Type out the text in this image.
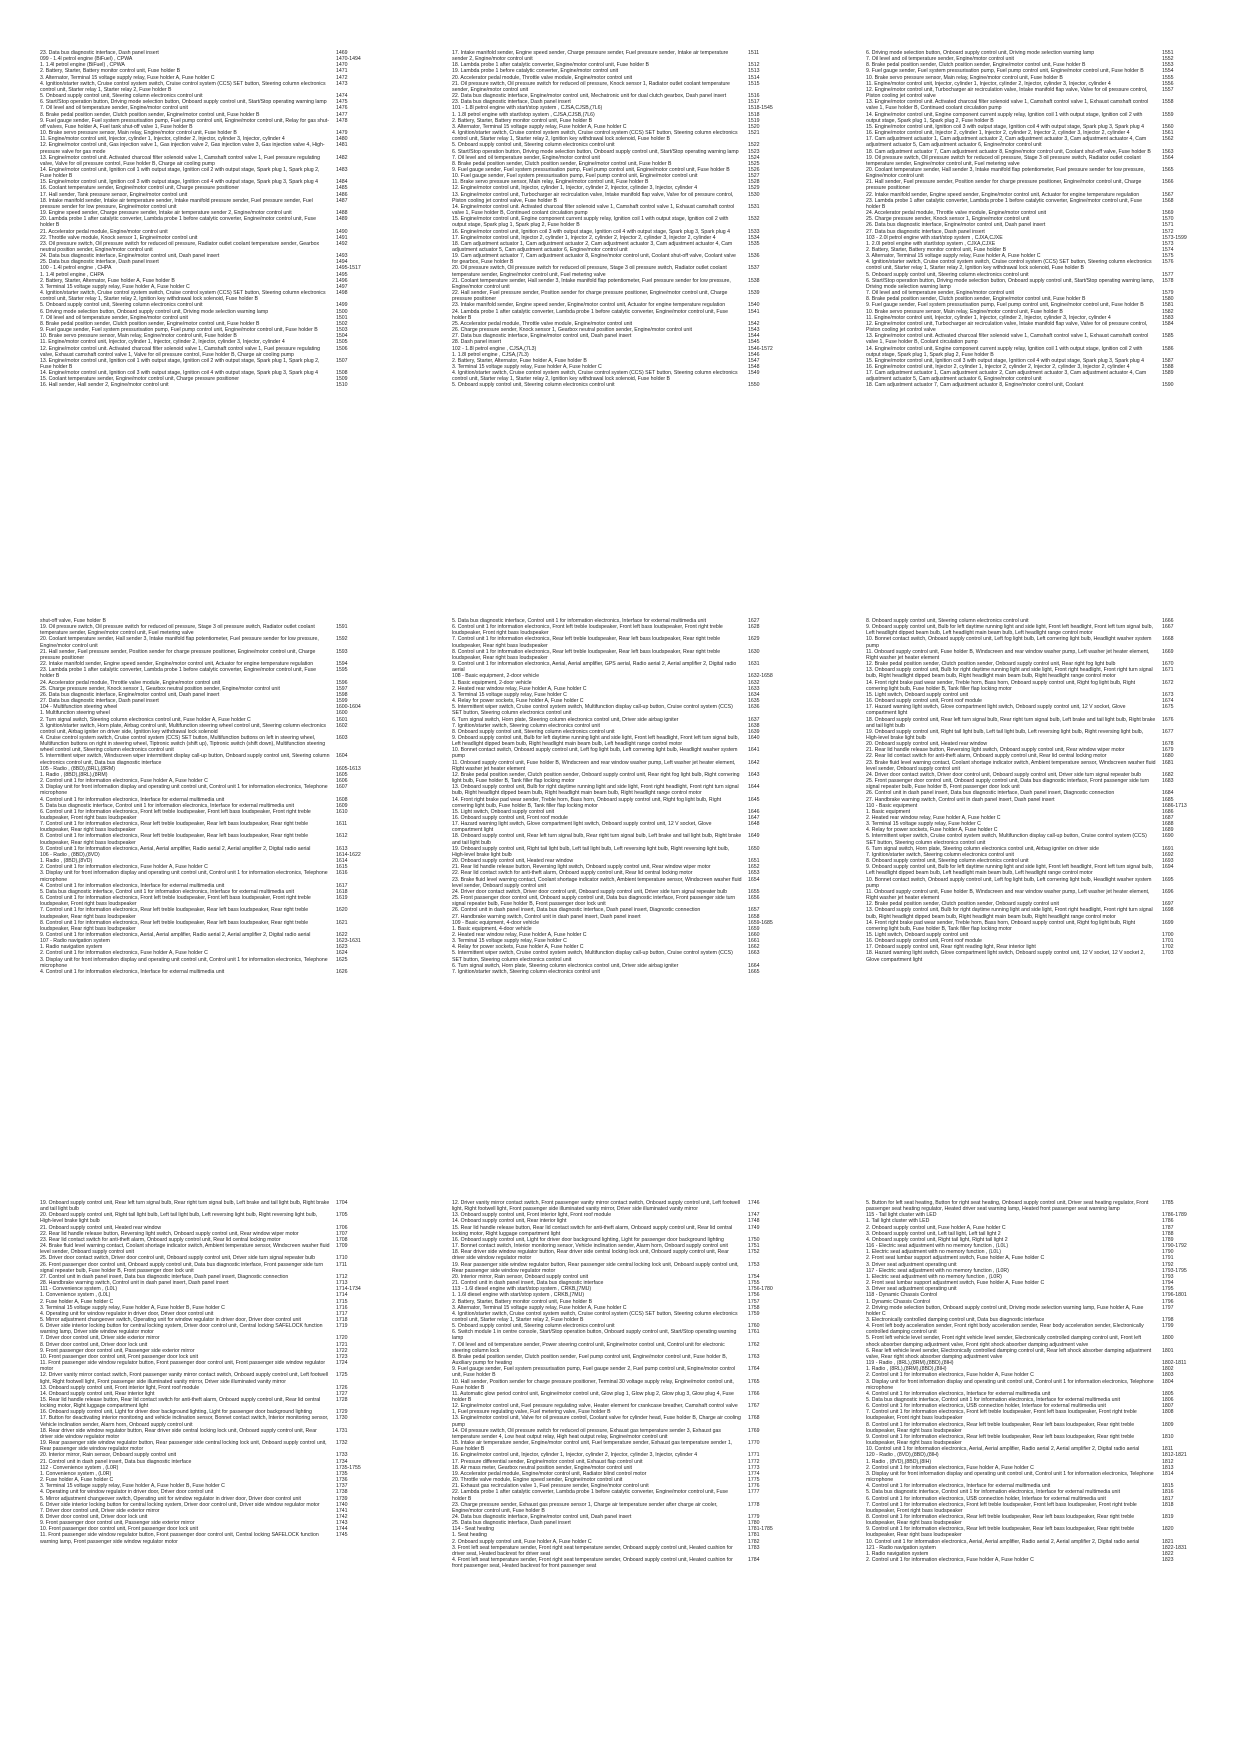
23. Data bus diagnostic interface, Dash panel insert	1469
099 - 1.4l petrol engine (BiFuel) , CPWA	1470-1494
1. 1.4l petrol engine (BiFuel) , CPWA	1470
2. Battery, Starter, Battery monitor control unit, Fuse holder B	1471
3. Alternator, Terminal 15 voltage supply relay, Fuse holder A, Fuse holder C	1472
4. Ignition/starter switch, Cruise control system switch, Cruise control system (CCS) SET button, Steering column electronics control unit, Starter relay 1, Starter relay 2, Fuse holder B
1473
5. Onboard supply control unit, Steering column electronics control unit	1474
6. Start/Stop operation button, Driving mode selection button, Onboard supply control unit, Start/Stop operating warning lamp	1475
7. Oil level and oil temperature sender, Engine/motor control unit	1476
8. Brake pedal position sender, Clutch position sender, Engine/motor control unit, Fuse holder B	1477
9. Fuel gauge sender, Fuel system pressurisation pump, Fuel pump control unit, Engine/motor control unit, Relay for gas shut-off valves, Fuse holder A, Fuel tank shut-off valve 1, Fuse holder B
1478
10. Brake servo pressure sensor, Main relay, Engine/motor control unit, Fuse holder B	1479
11. Engine/motor control unit, Injector, cylinder 1, Injector, cylinder 2, Injector, cylinder 3, Injector, cylinder 4	1480
12. Engine/motor control unit, Gas injection valve 1, Gas injection valve 2, Gas injection valve 3, Gas injection valve 4, High-pressure valve for gas mode
1481
13. Engine/motor control unit. Activated charcoal filter solenoid valve 1, Camshaft control valve 1, Fuel pressure regulating valve, Valve for oil pressure control, Fuse holder B, Charge air cooling pump
1482
14. Engine/motor control unit, Ignition coil 1 with output stage, Ignition coil 2 with output stage, Spark plug 1, Spark plug 2, Fuse holder B
1483
15. Engine/motor control unit, Ignition coil 3 with output stage, Ignition coil 4 with output stage, Spark plug 3, Spark plug 4	1484
16. Coolant temperature sender, Engine/motor control unit, Charge pressure positioner	1485
17. Hall sender, Tank pressure sensor, Engine/motor control unit	1486
18. Intake manifold sender, Intake air temperature sender, Intake manifold pressure sender, Fuel pressure sender, Fuel pressure sender for low pressure, Engine/motor control unit
1487
19. Engine speed sender, Charge pressure sender, Intake air temperature sender 2, Engine/motor control unit	1488
20. Lambda probe 1 after catalytic converter, Lambda probe 1 before catalytic converter, Engine/motor control unit, Fuse holder B
1489
21. Accelerator pedal module, Engine/motor control unit	1490
22. Throttle valve module, Knock sensor 1, Engine/motor control unit	1491
23. Oil pressure switch, Oil pressure switch for reduced oil pressure, Radiator outlet coolant temperature sender, Gearbox neutral position sender, Engine/motor control unit
1492
24. Data bus diagnostic interface, Engine/motor control unit, Dash panel insert	1493
25. Data bus diagnostic interface, Dash panel insert	1494
100 - 1.4l petrol engine , CHPA	1495-1517
1. 1.4l petrol engine , CHPA	1495
2. Battery, Starter, Alternator, Fuse holder A, Fuse holder B	1496
3. Terminal 15 voltage supply relay, Fuse holder A, Fuse holder C	1497
4. Ignition/starter switch, Cruise control system switch, Cruise control system (CCS) SET button, Steering column electronics control unit, Starter relay 1, Starter relay 2, Ignition key withdrawal lock solenoid, Fuse holder B
1498
5. Onboard supply control unit, Steering column electronics control unit	1499
6. Driving mode selection button, Onboard supply control unit, Driving mode selection warning lamp	1500
7. Oil level and oil temperature sender, Engine/motor control unit	1501
8. Brake pedal position sender, Clutch position sender, Engine/motor control unit, Fuse holder B	1502
9. Fuel gauge sender, Fuel system pressurisation pump, Fuel pump control unit, Engine/motor control unit, Fuse holder B	1503
10. Brake servo pressure sensor, Main relay, Engine/motor control unit, Fuse holder B	1504
11. Engine/motor control unit, Injector, cylinder 1, Injector, cylinder 2, Injector, cylinder 3, Injector, cylinder 4	1505
12. Engine/motor control unit. Activated charcoal filter solenoid valve 1, Camshaft control valve 1, Fuel pressure regulating valve, Exhaust camshaft control valve 1, Valve for oil pressure control, Fuse holder B, Charge air cooling pump
1506
13. Engine/motor control unit, Ignition coil 1 with output stage, Ignition coil 2 with output stage, Spark plug 1, Spark plug 2, Fuse holder B
1507
14. Engine/motor control unit, Ignition coil 3 with output stage, Ignition coil 4 with output stage, Spark plug 3, Spark plug 4	1508
15. Coolant temperature sender, Engine/motor control unit, Charge pressure positioner	1509
16. Hall sender, Hall sender 2, Engine/motor control unit	1510
17. Intake manifold sender, Engine speed sender, Charge pressure sender, Fuel pressure sender, Intake air temperature sender 2, Engine/motor control unit
1511
18. Lambda probe 1 after catalytic converter, Engine/motor control unit, Fuse holder B	1512
19. Lambda probe 1 before catalytic converter, Engine/motor control unit	1513
20. Accelerator pedal module, Throttle valve module, Engine/motor control unit	1514
21. Oil pressure switch, Oil pressure switch for reduced oil pressure, Knock sensor 1, Radiator outlet coolant temperature sender, Engine/motor control unit
1515
22. Data bus diagnostic interface, Engine/motor control unit, Mechatronic unit for dual clutch gearbox, Dash panel insert	1516
23. Data bus diagnostic interface, Dash panel insert	1517
101 - 1.8l petrol engine with start/stop system , CJSA,CJSB,(7L6)	1518-1545
1. 1.8l petrol engine with start/stop system , CJSA,CJSB,(7L6)	1518
2. Battery, Starter, Battery monitor control unit, Fuse holder B	1519
3. Alternator, Terminal 15 voltage supply relay, Fuse holder A, Fuse holder C	1520
4. Ignition/starter switch, Cruise control system switch, Cruise control system (CCS) SET button, Steering column electronics control unit, Starter relay 1, Starter relay 2, Ignition key withdrawal lock solenoid, Fuse holder B
1521
5. Onboard supply control unit, Steering column electronics control unit	1522
6. Start/Stop operation button, Driving mode selection button, Onboard supply control unit, Start/Stop operating warning lamp	1523
7. Oil level and oil temperature sender, Engine/motor control unit	1524
8. Brake pedal position sender, Clutch position sender, Engine/motor control unit, Fuse holder B	1525
9. Fuel gauge sender, Fuel system pressurisation pump, Fuel pump control unit, Engine/motor control unit, Fuse holder B	1526
10. Fuel gauge sender, Fuel system pressurisation pump, Fuel pump control unit, Engine/motor control unit	1527
11. Brake servo pressure sensor, Main relay, Engine/motor control unit, Fuse holder B	1528
12. Engine/motor control unit, Injector, cylinder 1, Injector, cylinder 2, Injector, cylinder 3, Injector, cylinder 4	1529
13. Engine/motor control unit, Turbocharger air recirculation valve, Intake manifold flap valve, Valve for oil pressure control, Piston cooling jet control valve, Fuse holder B
1530
14. Engine/motor control unit. Activated charcoal filter solenoid valve 1, Camshaft control valve 1, Exhaust camshaft control valve 1, Fuse holder B, Continued coolant circulation pump
1531
15. Engine/motor control unit, Engine component current supply relay, Ignition coil 1 with output stage, Ignition coil 2 with output stage, Spark plug 1, Spark plug 2, Fuse holder B
1532
16. Engine/motor control unit, Ignition coil 3 with output stage, Ignition coil 4 with output stage, Spark plug 3, Spark plug 4	1533
17. Engine/motor control unit, Injector 2, cylinder 1, Injector 2, cylinder 2, Injector 2, cylinder 3, Injector 2, cylinder 4	1534
18. Cam adjustment actuator 1, Cam adjustment actuator 2, Cam adjustment actuator 3, Cam adjustment actuator 4, Cam adjustment actuator 5, Cam adjustment actuator 6, Engine/motor control unit
1535
19. Cam adjustment actuator 7, Cam adjustment actuator 8, Engine/motor control unit, Coolant shut-off valve, Coolant valve for gearbox, Fuse holder B
1536
20. Oil pressure switch, Oil pressure switch for reduced oil pressure, Stage 3 oil pressure switch, Radiator outlet coolant temperature sender, Engine/motor control unit, Fuel metering valve
1537
21. Coolant temperature sender, Hall sender 3, Intake manifold flap potentiometer, Fuel pressure sender for low pressure, Engine/motor control unit
1538
22. Hall sender, Fuel pressure sender, Position sender for charge pressure positioner, Engine/motor control unit, Charge pressure positioner
1539
23. Intake manifold sender, Engine speed sender, Engine/motor control unit, Actuator for engine temperature regulation	1540
24. Lambda probe 1 after catalytic converter, Lambda probe 1 before catalytic converter, Engine/motor control unit, Fuse holder B
1541
25. Accelerator pedal module, Throttle valve module, Engine/motor control unit	1542
26. Charge pressure sender, Knock sensor 1, Gearbox neutral position sender, Engine/motor control unit	1543
27. Data bus diagnostic interface, Engine/motor control unit, Dash panel insert	1544
28. Dash panel insert	1545
102 - 1.8l petrol engine , CJSA,(7L3)	1546-1572
1. 1.8l petrol engine , CJSA,(7L3)	1546
2. Battery, Starter, Alternator, Fuse holder A, Fuse holder B	1547
3. Terminal 15 voltage supply relay, Fuse holder A, Fuse holder C	1548
4. Ignition/starter switch, Cruise control system switch, Cruise control system (CCS) SET button, Steering column electronics control unit, Starter relay 1, Starter relay 2, Ignition key withdrawal lock solenoid, Fuse holder B
1549
5. Onboard supply control unit, Steering column electronics control unit	1550
6. Driving mode selection button, Onboard supply control unit, Driving mode selection warning lamp	1551
7. Oil level and oil temperature sender, Engine/motor control unit	1552
8. Brake pedal position sender, Clutch position sender, Engine/motor control unit, Fuse holder B	1553
9. Fuel gauge sender, Fuel system pressurisation pump, Fuel pump control unit, Engine/motor control unit, Fuse holder B	1554
10. Brake servo pressure sensor, Main relay, Engine/motor control unit, Fuse holder B	1555
11. Engine/motor control unit, Injector, cylinder 1, Injector, cylinder 2, Injector, cylinder 3, Injector, cylinder 4	1556
12. Engine/motor control unit, Turbocharger air recirculation valve, Intake manifold flap valve, Valve for oil pressure control, Piston cooling jet control valve
1557
13. Engine/motor control unit. Activated charcoal filter solenoid valve 1, Camshaft control valve 1, Exhaust camshaft control valve 1, Fuse holder B, Continued coolant circulation pump
1558
14. Engine/motor control unit, Engine component current supply relay, Ignition coil 1 with output stage, Ignition coil 2 with output stage, Spark plug 1, Spark plug 2, Fuse holder B
1559
15. Engine/motor control unit, Ignition coil 3 with output stage, Ignition coil 4 with output stage, Spark plug 3, Spark plug 4	1560
16. Engine/motor control unit, Injector 2, cylinder 1, Injector 2, cylinder 2, Injector 2, cylinder 3, Injector 2, cylinder 4	1561
17. Cam adjustment actuator 1, Cam adjustment actuator 2, Cam adjustment actuator 3, Cam adjustment actuator 4, Cam adjustment actuator 5, Cam adjustment actuator 6, Engine/motor control unit
1562
18. Cam adjustment actuator 7, Cam adjustment actuator 8, Engine/motor control unit, Coolant shut-off valve, Fuse holder B	1563
19. Oil pressure switch, Oil pressure switch for reduced oil pressure, Stage 3 oil pressure switch, Radiator outlet coolant temperature sender, Engine/motor control unit, Fuel metering valve
1564
20. Coolant temperature sender, Hall sender 3, Intake manifold flap potentiometer, Fuel pressure sender for low pressure, Engine/motor control unit
1565
21. Hall sender, Fuel pressure sender, Position sender for charge pressure positioner, Engine/motor control unit, Charge pressure positioner
1566
22. Intake manifold sender, Engine speed sender, Engine/motor control unit, Actuator for engine temperature regulation	1567
23. Lambda probe 1 after catalytic converter, Lambda probe 1 before catalytic converter, Engine/motor control unit, Fuse holder B
1568
24. Accelerator pedal module, Throttle valve module, Engine/motor control unit	1569
25. Charge pressure sender, Knock sensor 1, Engine/motor control unit	1570
26. Data bus diagnostic interface, Engine/motor control unit, Dash panel insert	1571
27. Data bus diagnostic interface, Dash panel insert	1572
103 - 2.0l petrol engine with start/stop system , CJXA,CJXE	1573-1599
1. 2.0l petrol engine with start/stop system , CJXA,CJXE	1573
2. Battery, Starter, Battery monitor control unit, Fuse holder B	1574
3. Alternator, Terminal 15 voltage supply relay, Fuse holder A, Fuse holder C	1575
4. Ignition/starter switch, Cruise control system switch, Cruise control system (CCS) SET button, Steering column electronics control unit, Starter relay 1, Starter relay 2, Ignition key withdrawal lock solenoid, Fuse holder B
1576
5. Onboard supply control unit, Steering column electronics control unit	1577
6. Start/Stop operation button, Driving mode selection button, Onboard supply control unit, Start/Stop operating warning lamp, Driving mode selection warning lamp
1578
7. Oil level and oil temperature sender, Engine/motor control unit	1579
8. Brake pedal position sender, Clutch position sender, Engine/motor control unit, Fuse holder B	1580
9. Fuel gauge sender, Fuel system pressurisation pump, Fuel pump control unit, Engine/motor control unit, Fuse holder B	1581
10. Brake servo pressure sensor, Main relay, Engine/motor control unit, Fuse holder B	1582
11. Engine/motor control unit, Injector, cylinder 1, Injector, cylinder 2, Injector, cylinder 3, Injector, cylinder 4	1583
12. Engine/motor control unit, Turbocharger air recirculation valve, Intake manifold flap valve, Valve for oil pressure control, Piston cooling jet control valve
1584
13. Engine/motor control unit. Activated charcoal filter solenoid valve 1, Camshaft control valve 1, Exhaust camshaft control valve 1, Fuse holder B, Coolant circulation pump
1585
14. Engine/motor control unit, Engine component current supply relay, Ignition coil 1 with output stage, Ignition coil 2 with output stage, Spark plug 1, Spark plug 2, Fuse holder B
1586
15. Engine/motor control unit, Ignition coil 3 with output stage, Ignition coil 4 with output stage, Spark plug 3, Spark plug 4	1587
16. Engine/motor control unit, Injector 2, cylinder 1, Injector 2, cylinder 2, Injector 2, cylinder 3, Injector 2, cylinder 4	1588
17. Cam adjustment actuator 1, Cam adjustment actuator 2, Cam adjustment actuator 3, Cam adjustment actuator 4, Cam adjustment actuator 5, Cam adjustment actuator 6, Engine/motor control unit
1589
18. Cam adjustment actuator 7, Cam adjustment actuator 8, Engine/motor control unit, Coolant	1590
shut-off valve, Fuse holder B
19. Oil pressure switch, Oil pressure switch for reduced oil pressure, Stage 3 oil pressure switch, Radiator outlet coolant temperature sender, Engine/motor control unit, Fuel metering valve
1591
20. Coolant temperature sender, Hall sender 3, Intake manifold flap potentiometer, Fuel pressure sender for low pressure, Engine/motor control unit
1592
21. Hall sender, Fuel pressure sender, Position sender for charge pressure positioner, Engine/motor control unit, Charge pressure positioner
1593
22. Intake manifold sender, Engine speed sender, Engine/motor control unit, Actuator for engine temperature regulation	1594
23. Lambda probe 1 after catalytic converter, Lambda probe 1 before catalytic converter, Engine/motor control unit, Fuse holder B
1595
24. Accelerator pedal module, Throttle valve module, Engine/motor control unit	1596
25. Charge pressure sender, Knock sensor 1, Gearbox neutral position sender, Engine/motor control unit	1597
26. Data bus diagnostic interface, Engine/motor control unit, Dash panel insert	1598
27. Data bus diagnostic interface, Dash panel insert	1599
104 - Multifunction steering wheel	1600-1604
1. Multifunction steering wheel	1600
2. Turn signal switch, Steering column electronics control unit, Fuse holder A, Fuse holder C	1601
3. Ignition/starter switch, Horn plate, Airbag control unit, Multifunction steering wheel control unit, Steering column electronics control unit, Airbag igniter on driver side, Ignition key withdrawal lock solenoid
1602
4. Cruise control system switch, Cruise control system (CCS) SET button, Multifunction buttons on left in steering wheel, Multifunction buttons on right in steering wheel, Tiptronic switch (shift up), Tiptronic switch (shift down), Multifunction steering wheel control unit, Steering column electronics control unit
1603
5. Intermittent wiper switch, Windscreen wiper intermittent display call-up button, Onboard supply control unit, Steering column electronics control unit, Data bus diagnostic interface
1604
105 - Radio , (8BD),(8RL),(8RM)	1605-1613
1. Radio , (8BD),(8RL),(8RM)	1605
2. Control unit 1 for information electronics, Fuse holder A, Fuse holder C	1606
3. Display unit for front information display and operating unit control unit, Control unit 1 for information electronics, Telephone microphone
1607
4. Control unit 1 for information electronics, Interface for external multimedia unit	1608
5. Data bus diagnostic interface, Control unit 1 for information electronics, Interface for external multimedia unit	1609
6. Control unit 1 for information electronics, Front left treble loudspeaker, Front left bass loudspeaker, Front right treble loudspeaker, Front right bass loudspeaker
1610
7. Control unit 1 for information electronics, Rear left treble loudspeaker, Rear left bass loudspeaker, Rear right treble loudspeaker, Rear right bass loudspeaker
1611
8. Control unit 1 for information electronics, Rear left treble loudspeaker, Rear left bass loudspeaker, Rear right treble loudspeaker, Rear right bass loudspeaker
1612
9. Control unit 1 for information electronics, Aerial, Aerial amplifier, Radio aerial 2, Aerial amplifier 2, Digital radio aerial	1613
106 - Radio , (8BD),(8VD)	1614-1622
1. Radio , (8BD),(8VD)	1614
2. Control unit 1 for information electronics, Fuse holder A, Fuse holder C	1615
3. Display unit for front information display and operating unit control unit, Control unit 1 for information electronics, Telephone microphone
1616
4. Control unit 1 for information electronics, Interface for external multimedia unit	1617
5. Data bus diagnostic interface, Control unit 1 for information electronics, Interface for external multimedia unit	1618
6. Control unit 1 for information electronics, Front left treble loudspeaker, Front left bass loudspeaker, Front right treble loudspeaker, Front right bass loudspeaker
1619
7. Control unit 1 for information electronics, Rear left treble loudspeaker, Rear left bass loudspeaker, Rear right treble loudspeaker, Rear right bass loudspeaker
1620
8. Control unit 1 for information electronics, Rear left treble loudspeaker, Rear left bass loudspeaker, Rear right treble loudspeaker, Rear right bass loudspeaker
1621
9. Control unit 1 for information electronics, Aerial, Aerial amplifier, Radio aerial 2, Aerial amplifier 2, Digital radio aerial	1622
107 - Radio navigation system	1623-1631
1. Radio navigation system	1623
2. Control unit 1 for information electronics, Fuse holder A, Fuse holder C	1624
3. Display unit for front information display and operating unit control unit, Control unit 1 for information electronics, Telephone microphone
1625
4. Control unit 1 for information electronics, Interface for external multimedia unit	1626
5. Data bus diagnostic interface, Control unit 1 for information electronics, Interface for external multimedia unit	1627
6. Control unit 1 for information electronics, Front left treble loudspeaker, Front left bass loudspeaker, Front right treble loudspeaker, Front right bass loudspeaker
1628
7. Control unit 1 for information electronics, Rear left treble loudspeaker, Rear left bass loudspeaker, Rear right treble loudspeaker, Rear right bass loudspeaker
1629
8. Control unit 1 for information electronics, Rear left treble loudspeaker, Rear left bass loudspeaker, Rear right treble loudspeaker, Rear right bass loudspeaker
1630
9. Control unit 1 for information electronics, Aerial, Aerial amplifier, GPS aerial, Radio aerial 2, Aerial amplifier 2, Digital radio aerial
1631
108 - Basic equipment, 2-door vehicle	1632-1658
1. Basic equipment, 2-door vehicle	1632
2. Heated rear window relay, Fuse holder A, Fuse holder C	1633
3. Terminal 15 voltage supply relay, Fuse holder C	1634
4. Relay for power sockets, Fuse holder A, Fuse holder C	1635
5. Intermittent wiper switch, Cruise control system switch, Multifunction display call-up button, Cruise control system (CCS) SET button, Steering column electronics control unit
1636
6. Turn signal switch, Horn plate, Steering column electronics control unit, Driver side airbag igniter	1637
7. Ignition/starter switch, Steering column electronics control unit	1638
8. Onboard supply control unit, Steering column electronics control unit	1639
9. Onboard supply control unit, Bulb for left daytime running light and side light, Front left headlight, Front left turn signal bulb, Left headlight dipped beam bulb, Right headlight main beam bulb, Left headlight range control motor
1640
10. Bonnet contact switch, Onboard supply control unit, Left fog light bulb, Left cornering light bulb, Headlight washer system pump
1641
11. Onboard supply control unit, Fuse holder B, Windscreen and rear window washer pump, Left washer jet heater element, Right washer jet heater element
1642
12. Brake pedal position sender, Clutch position sender, Onboard supply control unit, Rear right fog light bulb, Right cornering light bulb, Fuse holder B, Tank filler flap locking motor
1643
13. Onboard supply control unit, Bulb for right daytime running light and side light, Front right headlight, Front right turn signal bulb, Right headlight dipped beam bulb, Right headlight main beam bulb, Right headlight range control motor
1644
14. Front right brake pad wear sender, Treble horn, Bass horn, Onboard supply control unit, Right fog light bulb, Right cornering light bulb, Fuse holder B, Tank filler flap locking motor
1645
15. Light switch, Onboard supply control unit	1646
16. Onboard supply control unit, Front roof module	1647
17. Hazard warning light switch, Glove compartment light switch, Onboard supply control unit, 12 V socket, Glove compartment light
1648
18. Onboard supply control unit, Rear left turn signal bulb, Rear right turn signal bulb, Left brake and tail light bulb, Right brake and tail light bulb
1649
19. Onboard supply control unit, Right tail light bulb, Left tail light bulb, Left reversing light bulb, Right reversing light bulb, High-level brake light bulb
1650
20. Onboard supply control unit, Heated rear window	1651
21. Rear lid handle release button, Reversing light switch, Onboard supply control unit, Rear window wiper motor	1652
22. Rear lid contact switch for anti-theft alarm, Onboard supply control unit, Rear lid central locking motor	1653
23. Brake fluid level warning contact, Coolant shortage indicator switch, Ambient temperature sensor, Windscreen washer fluid level sender, Onboard supply control unit
1654
24. Driver door contact switch, Driver door control unit, Onboard supply control unit, Driver side turn signal repeater bulb	1655
25. Front passenger door control unit, Onboard supply control unit, Data bus diagnostic interface, Front passenger side turn signal repeater bulb, Fuse holder B, Front passenger door lock unit
1656
26. Control unit in dash panel insert, Data bus diagnostic interface, Dash panel insert, Diagnostic connection	1657
27. Handbrake warning switch, Control unit in dash panel insert, Dash panel insert	1658
109 - Basic equipment, 4-door vehicle	1659-1685
1. Basic equipment, 4-door vehicle	1659
2. Heated rear window relay, Fuse holder A, Fuse holder C	1660
3. Terminal 15 voltage supply relay, Fuse holder C	1661
4. Relay for power sockets, Fuse holder A, Fuse holder C	1662
5. Intermittent wiper switch, Cruise control system switch, Multifunction display call-up button, Cruise control system (CCS) SET button, Steering column electronics control unit
1663
6. Turn signal switch, Horn plate, Steering column electronics control unit, Driver side airbag igniter	1664
7. Ignition/starter switch, Steering column electronics control unit	1665
8. Onboard supply control unit, Steering column electronics control unit	1666
9. Onboard supply control unit, Bulb for left daytime running light and side light, Front left headlight, Front left turn signal bulb, Left headlight dipped beam bulb, Left headlight main beam bulb, Left headlight range control motor
1667
10. Bonnet contact switch, Onboard supply control unit, Left fog light bulb, Left cornering light bulb, Headlight washer system pump
1668
11. Onboard supply control unit, Fuse holder B, Windscreen and rear window washer pump, Left washer jet heater element, Right washer jet heater element
1669
12. Brake pedal position sender, Clutch position sender, Onboard supply control unit, Rear right fog light bulb	1670
13. Onboard supply control unit, Bulb for right daytime running light and side light, Front right headlight, Front right turn signal bulb, Right headlight dipped beam bulb, Right headlight main beam bulb, Right headlight range control motor
1671
14. Front right brake pad wear sender, Treble horn, Bass horn, Onboard supply control unit, Right fog light bulb, Right cornering light bulb, Fuse holder B, Tank filler flap locking motor
1672
15. Light switch, Onboard supply control unit	1673
16. Onboard supply control unit, Front roof module	1674
17. Hazard warning light switch, Glove compartment light switch, Onboard supply control unit, 12 V socket, Glove compartment light
1675
18. Onboard supply control unit, Rear left turn signal bulb, Rear right turn signal bulb, Left brake and tail light bulb, Right brake and tail light bulb
1676
19. Onboard supply control unit, Right tail light bulb, Left tail light bulb, Left reversing light bulb, Right reversing light bulb, High-level brake light bulb
1677
20. Onboard supply control unit, Heated rear window	1678
21. Rear lid handle release button, Reversing light switch, Onboard supply control unit, Rear window wiper motor	1679
22. Rear lid contact switch for anti-theft alarm, Onboard supply control unit, Rear lid central locking motor	1680
23. Brake fluid level warning contact, Coolant shortage indicator switch, Ambient temperature sensor, Windscreen washer fluid level sender, Onboard supply control unit
1681
24. Driver door contact switch, Driver door control unit, Onboard supply control unit, Driver side turn signal repeater bulb	1682
25. Front passenger door control unit, Onboard supply control unit, Data bus diagnostic interface, Front passenger side turn signal repeater bulb, Fuse holder B, Front passenger door lock unit
1683
26. Control unit in dash panel insert, Data bus diagnostic interface, Dash panel insert, Diagnostic connection	1684
27. Handbrake warning switch, Control unit in dash panel insert, Dash panel insert	1685
110 - Basic equipment	1686-1713
1. Basic equipment	1686
2. Heated rear window relay, Fuse holder A, Fuse holder C	1687
3. Terminal 15 voltage supply relay, Fuse holder C	1688
4. Relay for power sockets, Fuse holder A, Fuse holder C	1689
5. Intermittent wiper switch, Cruise control system switch, Multifunction display call-up button, Cruise control system (CCS) SET button, Steering column electronics control unit
1690
6. Turn signal switch, Horn plate, Steering column electronics control unit, Airbag igniter on driver side	1691
7. Ignition/starter switch, Steering column electronics control unit	1692
8. Onboard supply control unit, Steering column electronics control unit	1693
9. Onboard supply control unit, Bulb for left daytime running light and side light, Front left headlight, Front left turn signal bulb, Left headlight dipped beam bulb, Left headlight main beam bulb, Left headlight range control motor
1694
10. Bonnet contact switch, Onboard supply control unit, Left fog light bulb, Left cornering light bulb, Headlight washer system pump
1695
11. Onboard supply control unit, Fuse holder B, Windscreen and rear window washer pump, Left washer jet heater element, Right washer jet heater element
1696
12. Brake pedal position sender, Clutch position sender, Onboard supply control unit	1697
13. Onboard supply control unit, Bulb for right daytime running light and side light, Front right headlight, Front right turn signal bulb, Right headlight dipped beam bulb, Right headlight main beam bulb, Right headlight range control motor
1698
14. Front right brake pad wear sender, Treble horn, Bass horn, Onboard supply control unit, Right fog light bulb, Right cornering light bulb, Fuse holder B, Tank filler flap locking motor
1699
15. Light switch, Onboard supply control unit	1700
16. Onboard supply control unit, Front roof module	1701
17. Onboard supply control unit, Rear right reading light, Rear interior light	1702
18. Hazard warning light switch, Glove compartment light switch, Onboard supply control unit, 12 V socket, 12 V socket 2, Glove compartment light
1703
19. Onboard supply control unit, Rear left turn signal bulb, Rear right turn signal bulb, Left brake and tail light bulb, Right brake and tail light bulb
1704
20. Onboard supply control unit, Right tail light bulb, Left tail light bulb, Left reversing light bulb, Right reversing light bulb, High-level brake light bulb
1705
21. Onboard supply control unit, Heated rear window	1706
22. Rear lid handle release button, Reversing light switch, Onboard supply control unit, Rear window wiper motor	1707
23. Rear lid contact switch for anti-theft alarm, Onboard supply control unit, Rear lid central locking motor	1708
24. Brake fluid level warning contact, Coolant shortage indicator switch, Ambient temperature sensor, Windscreen washer fluid level sender, Onboard supply control unit
1709
25. Driver door contact switch, Driver door control unit, Onboard supply control unit, Driver side turn signal repeater bulb	1710
26. Front passenger door control unit, Onboard supply control unit, Data bus diagnostic interface, Front passenger side turn signal repeater bulb, Fuse holder B, Front passenger door lock unit
1711
27. Control unit in dash panel insert, Data bus diagnostic interface, Dash panel insert, Diagnostic connection	1712
28. Handbrake warning switch, Control unit in dash panel insert, Dash panel insert	1713
111 - Convenience system , (L0L)	1714-1734
1. Convenience system , (L0L)	1714
2. Fuse holder A, Fuse holder C	1715
3. Terminal 15 voltage supply relay, Fuse holder A, Fuse holder B, Fuse holder C	1716
4. Operating unit for window regulator in driver door, Driver door control unit	1717
5. Mirror adjustment changeover switch, Operating unit for window regulator in driver door, Driver door control unit	1718
6. Driver side interior locking button for central locking system, Driver door control unit, Central locking SAFELOCK function warning lamp, Driver side window regulator motor
1719
7. Driver door control unit, Driver side exterior mirror	1720
8. Driver door control unit, Driver door lock unit	1721
9. Front passenger door control unit, Passenger side exterior mirror	1722
10. Front passenger door control unit, Front passenger door lock unit	1723
11. Front passenger side window regulator button, Front passenger door control unit, Front passenger side window regulator motor
1724
12. Driver vanity mirror contact switch, Front passenger vanity mirror contact switch, Onboard supply control unit, Left footwell light, Right footwell light, Front passenger side illuminated vanity mirror, Driver side illuminated vanity mirror
1725
13. Onboard supply control unit, Front interior light, Front roof module	1726
14. Onboard supply control unit, Rear interior light	1727
15. Rear lid handle release button, Rear lid contact switch for anti-theft alarm, Onboard supply control unit, Rear lid central locking motor, Right luggage compartment light
1728
16. Onboard supply control unit, Light for driver door background lighting, Light for passenger door background lighting	1729
17. Button for deactivating interior monitoring and vehicle inclination sensor, Bonnet contact switch, Interior monitoring sensor, Vehicle inclination sender, Alarm horn, Onboard supply control unit
1730
18. Rear driver side window regulator button, Rear driver side central locking lock unit, Onboard supply control unit, Rear driver side window regulator motor
1731
19. Rear passenger side window regulator button, Rear passenger side central locking lock unit, Onboard supply control unit, Rear passenger side window regulator motor
1732
20. Interior mirror, Rain sensor, Onboard supply control unit	1733
21. Control unit in dash panel insert, Data bus diagnostic interface	1734
112 - Convenience system , (L0R)	1735-1755
1. Convenience system , (L0R)	1735
2. Fuse holder A, Fuse holder C	1736
3. Terminal 15 voltage supply relay, Fuse holder A, Fuse holder B, Fuse holder C	1737
4. Operating unit for window regulator in driver door, Driver door control unit	1738
5. Mirror adjustment changeover switch, Operating unit for window regulator in driver door, Driver door control unit	1739
6. Driver side interior locking button for central locking system, Driver door control unit, Driver side window regulator motor	1740
7. Driver door control unit, Driver side exterior mirror	1741
8. Driver door control unit, Driver door lock unit	1742
9. Front passenger door control unit, Passenger side exterior mirror	1743
10. Front passenger door control unit, Front passenger door lock unit	1744
11. Front passenger side window regulator button, Front passenger door control unit, Central locking SAFELOCK function warning lamp, Front passenger side window regulator motor
1745
12. Driver vanity mirror contact switch, Front passenger vanity mirror contact switch, Onboard supply control unit, Left footwell light, Right footwell light, Front passenger side illuminated vanity mirror, Driver side illuminated vanity mirror
1746
13. Onboard supply control unit, Front interior light, Front roof module	1747
14. Onboard supply control unit, Rear interior light	1748
15. Rear lid handle release button, Rear lid contact switch for anti-theft alarm, Onboard supply control unit, Rear lid central locking motor, Right luggage compartment light
1749
16. Onboard supply control unit, Light for driver door background lighting, Light for passenger door background lighting	1750
17. Bonnet contact switch, Interior monitoring sensor, Vehicle inclination sender, Alarm horn, Onboard supply control unit	1751
18. Rear driver side window regulator button, Rear driver side central locking lock unit, Onboard supply control unit, Rear driver side window regulator motor
1752
19. Rear passenger side window regulator button, Rear passenger side central locking lock unit, Onboard supply control unit, Rear passenger side window regulator motor
1753
20. Interior mirror, Rain sensor, Onboard supply control unit	1754
21. Control unit in dash panel insert, Data bus diagnostic interface	1755
113 - 1.6l diesel engine with start/stop system , CRKB,(7MU)	1756-1780
1. 1.6l diesel engine with start/stop system , CRKB,(7MU)	1756
2. Battery, Starter, Battery monitor control unit, Fuse holder B	1757
3. Alternator, Terminal 15 voltage supply relay, Fuse holder A, Fuse holder C	1758
4. Ignition/starter switch, Cruise control system switch, Cruise control system (CCS) SET button, Steering column electronics control unit, Starter relay 1, Starter relay 2, Fuse holder B
1759
5. Onboard supply control unit, Steering column electronics control unit	1760
6. Switch module 1 in centre console, Start/Stop operation button, Onboard supply control unit, Start/Stop operating warning lamp
1761
7. Oil level and oil temperature sender, Power steering control unit, Engine/motor control unit, Control unit for electronic steering column lock
1762
8. Brake pedal position sender, Clutch position sender, Fuel pump control unit, Engine/motor control unit, Fuse holder B, Auxiliary pump for heating
1763
9. Fuel gauge sender, Fuel system pressurisation pump, Fuel gauge sender 2, Fuel pump control unit, Engine/motor control unit, Fuse holder B
1764
10. Hall sender, Position sender for charge pressure positioner, Terminal 30 voltage supply relay, Engine/motor control unit, Fuse holder B
1765
11. Automatic glow period control unit, Engine/motor control unit, Glow plug 1, Glow plug 2, Glow plug 3, Glow plug 4, Fuse holder B
1766
12. Engine/motor control unit, Fuel pressure regulating valve, Heater element for crankcase breather, Camshaft control valve 1, Fuel pressure regulating valve, Fuel metering valve, Fuse holder B
1767
13. Engine/motor control unit, Valve for oil pressure control, Coolant valve for cylinder head, Fuse holder B, Charge air cooling pump
1768
14. Oil pressure switch, Oil pressure switch for reduced oil pressure, Exhaust gas temperature sender 3, Exhaust gas temperature sender 4, Low heat output relay, High heat output relay, Engine/motor control unit
1769
15. Intake air temperature sender, Engine/motor control unit, Fuel temperature sender, Exhaust gas temperature sender 1, Fuse holder B
1770
16. Engine/motor control unit, Injector, cylinder 1, Injector, cylinder 2, Injector, cylinder 3, Injector, cylinder 4	1771
17. Pressure differential sender, Engine/motor control unit, Exhaust flap control unit	1772
18. Air mass meter, Gearbox neutral position sender, Engine/motor control unit	1773
19. Accelerator pedal module, Engine/motor control unit, Radiator blind control motor	1774
20. Throttle valve module, Engine speed sender, Engine/motor control unit	1775
21. Exhaust gas recirculation valve 1, Fuel pressure sender, Engine/motor control unit	1776
22. Lambda probe 1 after catalytic converter, Lambda probe 1 before catalytic converter, Engine/motor control unit, Fuse holder B
1777
23. Charge pressure sender, Exhaust gas pressure sensor 1, Charge air temperature sender after charge air cooler, Engine/motor control unit, Fuse holder B
1778
24. Data bus diagnostic interface, Engine/motor control unit, Dash panel insert	1779
25. Data bus diagnostic interface, Dash panel insert	1780
114 - Seat heating	1781-1785
1. Seat heating	1781
2. Onboard supply control unit, Fuse holder A, Fuse holder C	1782
3. Front left seat temperature sender, Front right seat temperature sender, Onboard supply control unit, Heated cushion for driver seat, Heated backrest for driver seat
1783
4. Front left seat temperature sender, Front right seat temperature sender, Onboard supply control unit, Heated cushion for front passenger seat, Heated backrest for front passenger seat
1784
5. Button for left seat heating, Button for right seat heating, Onboard supply control unit, Driver seat heating regulator, Front passenger seat heating regulator, Heated driver seat warning lamp, Heated front passenger seat warning lamp
1785
115 - Tail light cluster with LED	1786-1789
1. Tail light cluster with LED	1786
2. Onboard supply control unit, Fuse holder A, Fuse holder C	1787
3. Onboard supply control unit, Left tail light, Left tail light 2	1788
4. Onboard supply control unit, Right tail light, Right tail light 2	1789
116 - Electric seat adjustment with no memory function , (L0L)	1790-1792
1. Electric seat adjustment with no memory function , (L0L)	1790
2. Front seat lumbar support adjustment switch, Fuse holder A, Fuse holder C	1791
3. Driver seat adjustment operating unit	1792
117 - Electric seat adjustment with no memory function , (L0R)	1793-1795
1. Electric seat adjustment with no memory function , (L0R)	1793
2. Front seat lumbar support adjustment switch, Fuse holder A, Fuse holder C	1794
3. Driver seat adjustment operating unit	1795
118 - Dynamic Chassis Control	1796-1801
1. Dynamic Chassis Control	1796
2. Driving mode selection button, Onboard supply control unit, Driving mode selection warning lamp, Fuse holder A, Fuse holder C
1797
3. Electronically controlled damping control unit, Data bus diagnostic interface	1798
4. Front left body acceleration sender, Front right body acceleration sender, Rear body acceleration sender, Electronically controlled damping control unit
1799
5. Front left vehicle level sender, Front right vehicle level sender, Electronically controlled damping control unit, Front left shock absorber damping adjustment valve, Front right shock absorber damping adjustment valve
1800
6. Rear left vehicle level sender, Electronically controlled damping control unit, Rear left shock absorber damping adjustment valve, Rear right shock absorber damping adjustment valve
1801
119 - Radio , (8RL),(8RM),(8BD),(8IH)	1802-1811
1. Radio , (8RL),(8RM),(8BD),(8IH)	1802
2. Control unit 1 for information electronics, Fuse holder A, Fuse holder C	1803
3. Display unit for front information display and operating unit control unit, Control unit 1 for information electronics, Telephone microphone
1804
4. Control unit 1 for information electronics, Interface for external multimedia unit	1805
5. Data bus diagnostic interface, Control unit 1 for information electronics, Interface for external multimedia unit	1806
6. Control unit 1 for information electronics, USB connection holder, Interface for external multimedia unit	1807
7. Control unit 1 for information electronics, Front left treble loudspeaker, Front left bass loudspeaker, Front right treble loudspeaker, Front right bass loudspeaker
1808
8. Control unit 1 for information electronics, Rear left treble loudspeaker, Rear left bass loudspeaker, Rear right treble loudspeaker, Rear right bass loudspeaker
1809
9. Control unit 1 for information electronics, Rear left treble loudspeaker, Rear left bass loudspeaker, Rear right treble loudspeaker, Rear right bass loudspeaker
1810
10. Control unit 1 for information electronics, Aerial, Aerial amplifier, Radio aerial 2, Aerial amplifier 2, Digital radio aerial	1811
120 - Radio , (8VD),(8BD),(8IH)	1812-1821
1. Radio , (8VD),(8BD),(8IH)	1812
2. Control unit 1 for information electronics, Fuse holder A, Fuse holder C	1813
3. Display unit for front information display and operating unit control unit, Control unit 1 for information electronics, Telephone microphone
1814
4. Control unit 1 for information electronics, Interface for external multimedia unit	1815
5. Data bus diagnostic interface, Control unit 1 for information electronics, Interface for external multimedia unit	1816
6. Control unit 1 for information electronics, USB connection holder, Interface for external multimedia unit	1817
7. Control unit 1 for information electronics, Front left treble loudspeaker, Front left bass loudspeaker, Front right treble loudspeaker, Front right bass loudspeaker
1818
8. Control unit 1 for information electronics, Rear left treble loudspeaker, Rear left bass loudspeaker, Rear right treble loudspeaker, Rear right bass loudspeaker
1819
9. Control unit 1 for information electronics, Rear left treble loudspeaker, Rear left bass loudspeaker, Rear right treble loudspeaker, Rear right bass loudspeaker
1820
10. Control unit 1 for information electronics, Aerial, Aerial amplifier, Radio aerial 2, Aerial amplifier 2, Digital radio aerial	1821
121 - Radio navigation system	1822-1831
1. Radio navigation system	1822
2. Control unit 1 for information electronics, Fuse holder A, Fuse holder C	1823
